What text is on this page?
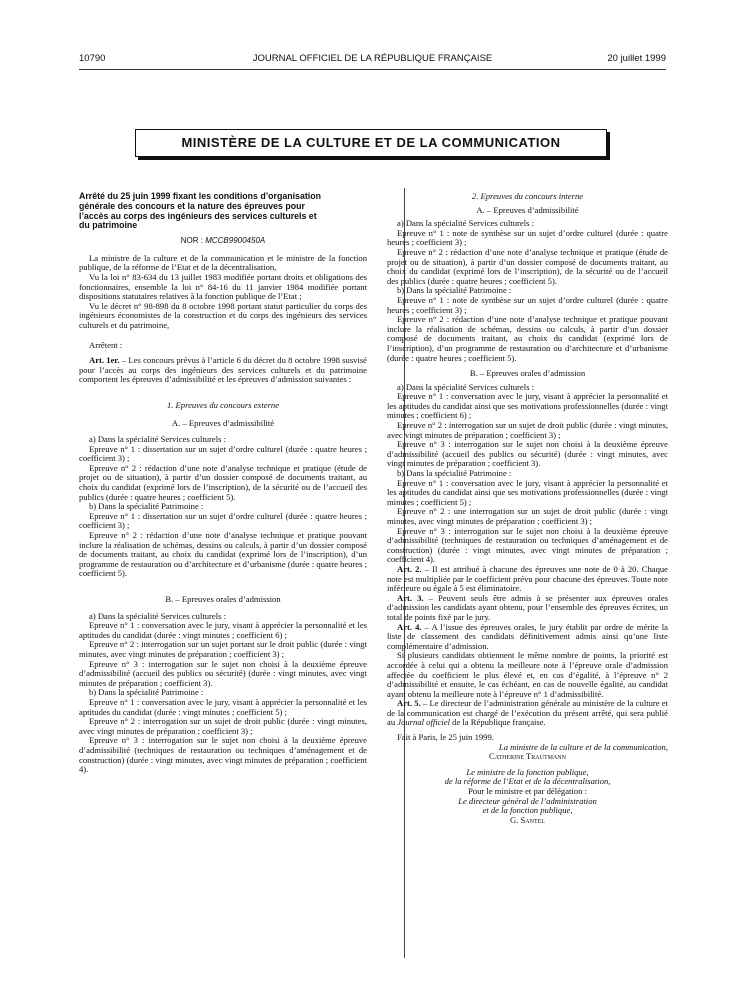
10790	JOURNAL OFFICIEL DE LA RÉPUBLIQUE FRANÇAISE	20 juillet 1999
MINISTÈRE DE LA CULTURE ET DE LA COMMUNICATION

Arrêté du 25 juin 1999 fixant les conditions d’organisation
générale des concours et la nature des épreuves pour
l’accès au corps des ingénieurs des services culturels et
du patrimoine

NOR : MCCB9900450A

La ministre de la culture et de la communication et le ministre de la fonction publique, de la réforme de l’Etat et de la décentralisation,

Vu la loi n° 83-634 du 13 juillet 1983 modifiée portant droits et obligations des fonctionnaires, ensemble la loi n° 84-16 du 11 janvier 1984 modifiée portant dispositions statutaires relatives à la fonction publique de l’Etat ;

Vu le décret n° 98-898 du 8 octobre 1998 portant statut particulier du corps des ingénieurs économistes de la construction et du corps des ingénieurs des services culturels et du patrimoine,

Arrêtent :

Art. 1er. – Les concours prévus à l’article 6 du décret du 8 octobre 1998 susvisé pour l’accès au corps des ingénieurs des services culturels et du patrimoine comportent les épreuves d’admissibilité et les épreuves d’admission suivantes :

1. Epreuves du concours externe

A. – Epreuves d’admissibilité

a) Dans la spécialité Services culturels :

Epreuve n° 1 : dissertation sur un sujet d’ordre culturel (durée : quatre heures ; coefficient 3) ;

Epreuve n° 2 : rédaction d’une note d’analyse technique et pratique (étude de projet ou de situation), à partir d’un dossier composé de documents traitant, au choix du candidat (exprimé lors de l’inscription), de la sécurité ou de l’accueil des publics (durée : quatre heures ; coefficient 5).

b) Dans la spécialité Patrimoine :

Epreuve n° 1 : dissertation sur un sujet d’ordre culturel (durée : quatre heures ; coefficient 3) ;

Epreuve n° 2 : rédaction d’une note d’analyse technique et pratique pouvant inclure la réalisation de schémas, dessins ou calculs, à partir d’un dossier composé de documents traitant, au choix du candidat (exprimé lors de l’inscription), d’un programme de restauration ou d’architecture et d’urbanisme (durée : quatre heures ; coefficient 5).

B. – Epreuves orales d’admission

a) Dans la spécialité Services culturels :

Epreuve n° 1 : conversation avec le jury, visant à apprécier la personnalité et les aptitudes du candidat (durée : vingt minutes ; coefficient 6) ;

Epreuve n° 2 : interrogation sur un sujet portant sur le droit public (durée : vingt minutes, avec vingt minutes de préparation ; coefficient 3) ;

Epreuve n° 3 : interrogation sur le sujet non choisi à la deuxième épreuve d’admissibilité (accueil des publics ou sécurité) (durée : vingt minutes, avec vingt minutes de préparation ; coefficient 3).

b) Dans la spécialité Patrimoine :

Epreuve n° 1 : conversation avec le jury, visant à apprécier la personnalité et les aptitudes du candidat (durée : vingt minutes ; coefficient 5) ;

Epreuve n° 2 : interrogation sur un sujet de droit public (durée : vingt minutes, avec vingt minutes de préparation ; coefficient 3) ;

Epreuve n° 3 : interrogation sur le sujet non choisi à la deuxième épreuve d’admissibilité (techniques de restauration ou techniques d’aménagement et de construction) (durée : vingt minutes, avec vingt minutes de préparation ; coefficient 4).

2. Epreuves du concours interne

A. – Epreuves d’admissibilité

a) Dans la spécialité Services culturels :

Epreuve n° 1 : note de synthèse sur un sujet d’ordre culturel (durée : quatre heures ; coefficient 3) ;

Epreuve n° 2 : rédaction d’une note d’analyse technique et pratique (étude de projet ou de situation), à partir d’un dossier composé de documents traitant, au choix du candidat (exprimé lors de l’inscription), de la sécurité ou de l’accueil des publics (durée : quatre heures ; coefficient 5).

b) Dans la spécialité Patrimoine :

Epreuve n° 1 : note de synthèse sur un sujet d’ordre culturel (durée : quatre heures ; coefficient 3) ;

Epreuve n° 2 : rédaction d’une note d’analyse technique et pratique pouvant inclure la réalisation de schémas, dessins ou calculs, à partir d’un dossier composé de documents traitant, au choix du candidat (exprimé lors de l’inscription), d’un programme de restauration ou d’architecture et d’urbanisme (durée : quatre heures ; coefficient 5).

B. – Epreuves orales d’admission

a) Dans la spécialité Services culturels :

Epreuve n° 1 : conversation avec le jury, visant à apprécier la personnalité et les aptitudes du candidat ainsi que ses motivations professionnelles (durée : vingt minutes ; coefficient 6) ;

Epreuve n° 2 : interrogation sur un sujet de droit public (durée : vingt minutes, avec vingt minutes de préparation ; coefficient 3) ;

Epreuve n° 3 : interrogation sur le sujet non choisi à la deuxième épreuve d’admissibilité (accueil des publics ou sécurité) (durée : vingt minutes, avec vingt minutes de préparation ; coefficient 3).

b) Dans la spécialité Patrimoine :

Epreuve n° 1 : conversation avec le jury, visant à apprécier la personnalité et les aptitudes du candidat ainsi que ses motivations professionnelles (durée : vingt minutes ; coefficient 5) ;

Epreuve n° 2 : une interrogation sur un sujet de droit public (durée : vingt minutes, avec vingt minutes de préparation ; coefficient 3) ;

Epreuve n° 3 : interrogation sur le sujet non choisi à la deuxième épreuve d’admissibilité (techniques de restauration ou techniques d’aménagement et de construction) (durée : vingt minutes, avec vingt minutes de préparation ; coefficient 4).

Art. 2. – Il est attribué à chacune des épreuves une note de 0 à 20. Chaque note est multipliée par le coefficient prévu pour chacune des épreuves. Toute note inférieure ou égale à 5 est éliminatoire.

Art. 3. – Peuvent seuls être admis à se présenter aux épreuves orales d’admission les candidats ayant obtenu, pour l’ensemble des épreuves écrites, un total de points fixé par le jury.

Art. 4. – A l’issue des épreuves orales, le jury établit par ordre de mérite la liste de classement des candidats définitivement admis ainsi qu’une liste complémentaire d’admission.

Si plusieurs candidats obtiennent le même nombre de points, la priorité est accordée à celui qui a obtenu la meilleure note à l’épreuve orale d’admission affectée du coefficient le plus élevé et, en cas d’égalité, à l’épreuve n° 2 d’admissibilité et ensuite, le cas échéant, en cas de nouvelle égalité, au candidat ayant obtenu la meilleure note à l’épreuve n° 1 d’admissibilité.

Art. 5. – Le directeur de l’administration générale au ministère de la culture et de la communication est chargé de l’exécution du présent arrêté, qui sera publié au Journal officiel de la République française.

Fait à Paris, le 25 juin 1999.

La ministre de la culture et de la communication,

Catherine Trautmann

Le ministre de la fonction publique,

de la réforme de l’Etat et de la décentralisation,

Pour le ministre et par délégation :

Le directeur général de l’administration

et de la fonction publique,

G. Santel
